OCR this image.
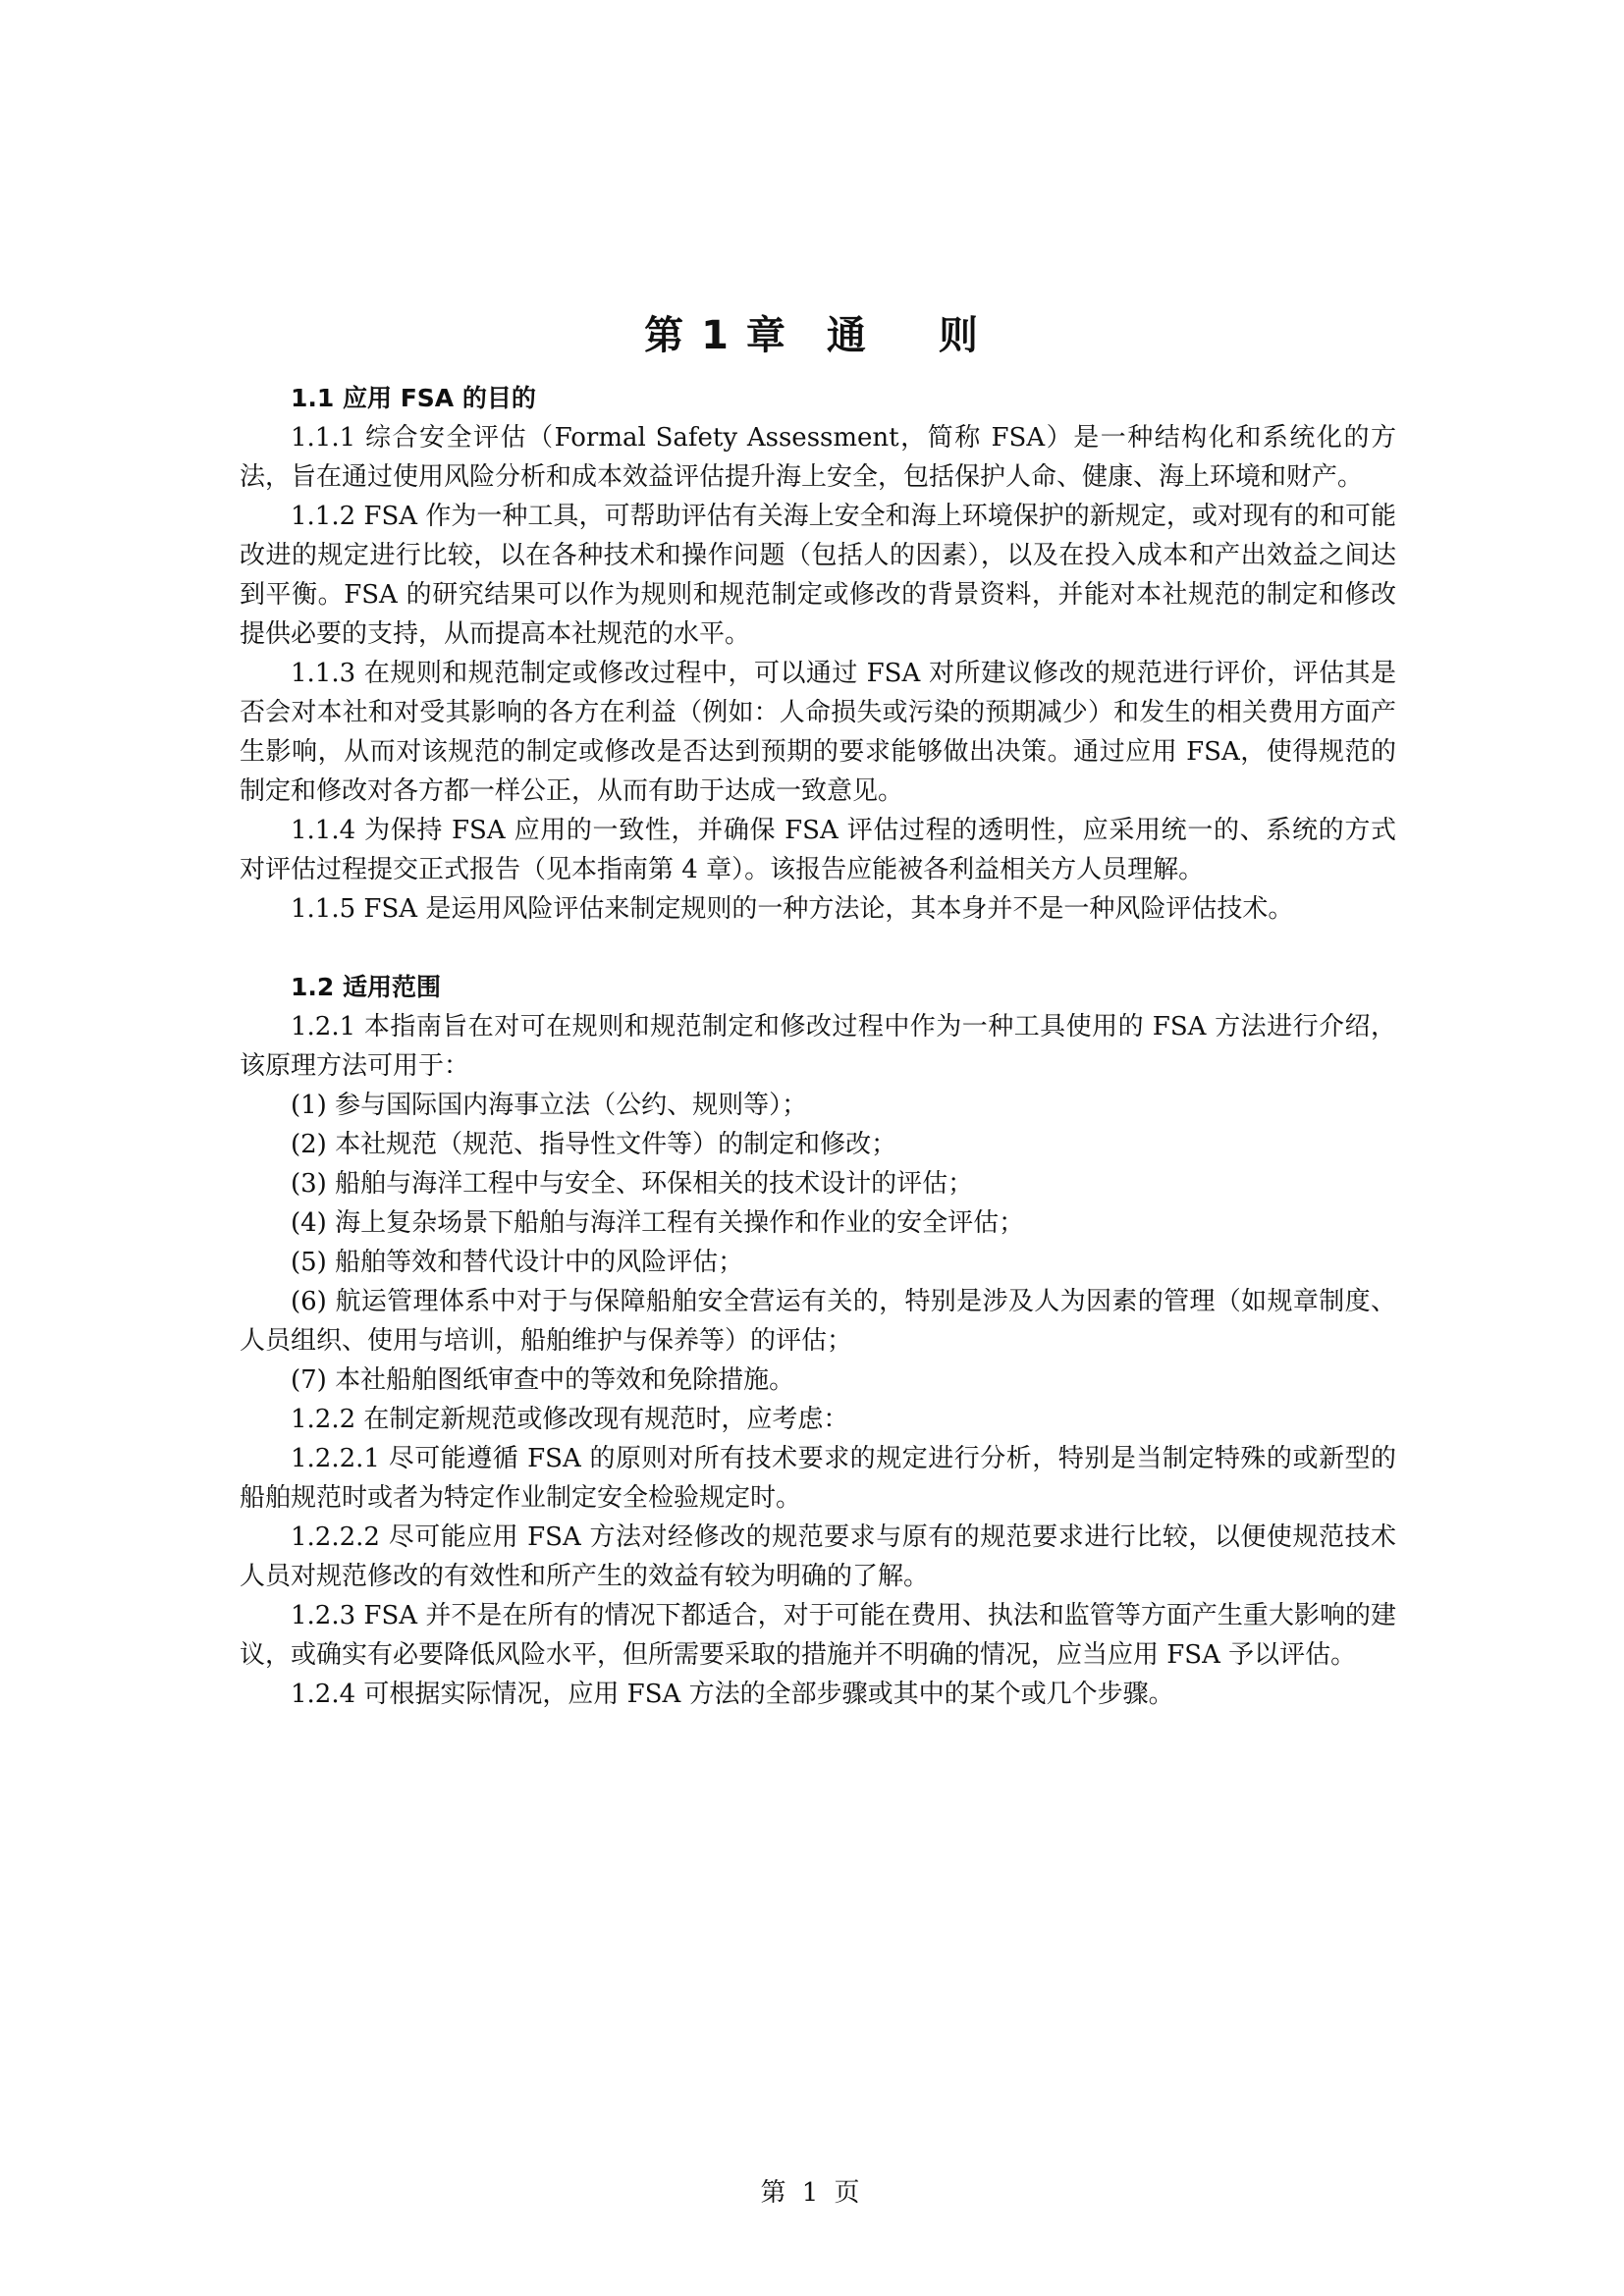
第 1 章 通 则

1.1 应用 FSA 的目的

1.1.1 综合安全评估（Formal Safety Assessment，简称 FSA）是一种结构化和系统化的方法，旨在通过使用风险分析和成本效益评估提升海上安全，包括保护人命、健康、海上环境和财产。

1.1.2 FSA 作为一种工具，可帮助评估有关海上安全和海上环境保护的新规定，或对现有的和可能改进的规定进行比较，以在各种技术和操作问题（包括人的因素），以及在投入成本和产出效益之间达到平衡。FSA 的研究结果可以作为规则和规范制定或修改的背景资料，并能对本社规范的制定和修改提供必要的支持，从而提高本社规范的水平。

1.1.3 在规则和规范制定或修改过程中，可以通过 FSA 对所建议修改的规范进行评价，评估其是否会对本社和对受其影响的各方在利益（例如：人命损失或污染的预期减少）和发生的相关费用方面产生影响，从而对该规范的制定或修改是否达到预期的要求能够做出决策。通过应用 FSA，使得规范的制定和修改对各方都一样公正，从而有助于达成一致意见。

1.1.4 为保持 FSA 应用的一致性，并确保 FSA 评估过程的透明性，应采用统一的、系统的方式对评估过程提交正式报告（见本指南第 4 章）。该报告应能被各利益相关方人员理解。

1.1.5 FSA 是运用风险评估来制定规则的一种方法论，其本身并不是一种风险评估技术。

1.2 适用范围

1.2.1 本指南旨在对可在规则和规范制定和修改过程中作为一种工具使用的 FSA 方法进行介绍，该原理方法可用于：

(1) 参与国际国内海事立法（公约、规则等）；

(2) 本社规范（规范、指导性文件等）的制定和修改；

(3) 船舶与海洋工程中与安全、环保相关的技术设计的评估；

(4) 海上复杂场景下船舶与海洋工程有关操作和作业的安全评估；

(5) 船舶等效和替代设计中的风险评估；

(6) 航运管理体系中对于与保障船舶安全营运有关的，特别是涉及人为因素的管理（如规章制度、人员组织、使用与培训，船舶维护与保养等）的评估；

(7) 本社船舶图纸审查中的等效和免除措施。

1.2.2 在制定新规范或修改现有规范时，应考虑：

1.2.2.1 尽可能遵循 FSA 的原则对所有技术要求的规定进行分析，特别是当制定特殊的或新型的船舶规范时或者为特定作业制定安全检验规定时。

1.2.2.2 尽可能应用 FSA 方法对经修改的规范要求与原有的规范要求进行比较，以便使规范技术人员对规范修改的有效性和所产生的效益有较为明确的了解。

1.2.3 FSA 并不是在所有的情况下都适合，对于可能在费用、执法和监管等方面产生重大影响的建议，或确实有必要降低风险水平，但所需要采取的措施并不明确的情况，应当应用 FSA 予以评估。

1.2.4 可根据实际情况，应用 FSA 方法的全部步骤或其中的某个或几个步骤。

第 1 页
